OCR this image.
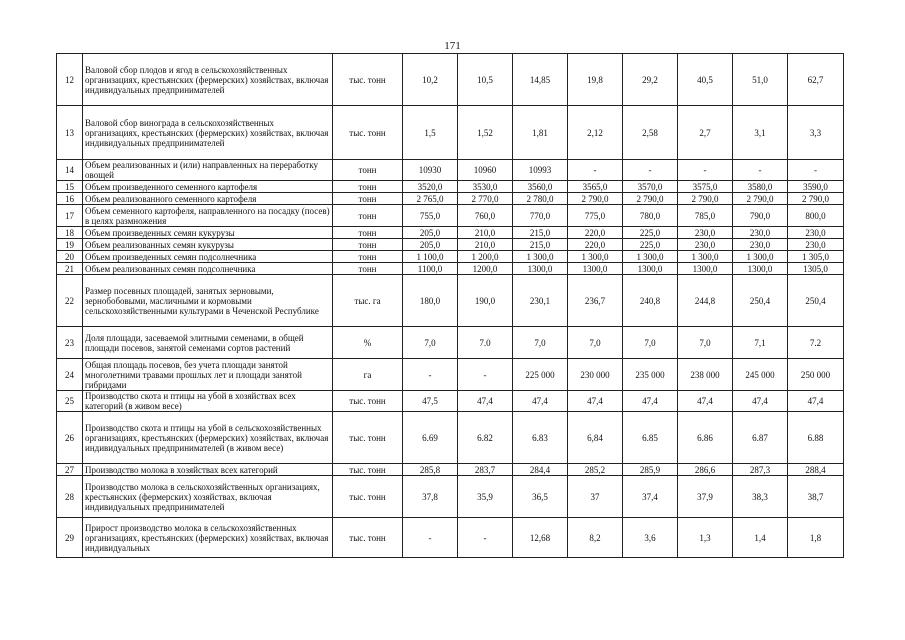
171
12	Валовой сбор плодов и ягод в сельскохозяйственных организациях, крестьянских (фермерских) хозяйствах, включая индивидуальных предпринимателей	тыс. тонн	10,2	10,5	14,85	19,8	29,2	40,5	51,0	62,7
13	Валовой сбор винограда в сельскохозяйственных организациях, крестьянских (фермерских) хозяйствах, включая индивидуальных предпринимателей	тыс. тонн	1,5	1,52	1,81	2,12	2,58	2,7	3,1	3,3
14	Объем реализованных и (или) направленных на переработку овощей	тонн	10930	10960	10993	-	-	-	-	-
15	Объем произведенного семенного картофеля	тонн	3520,0	3530,0	3560,0	3565,0	3570,0	3575,0	3580,0	3590,0
16	Объем реализованного семенного картофеля	тонн	2 765,0	2 770,0	2 780,0	2 790,0	2 790,0	2 790,0	2 790,0	2 790,0
17	Объем семенного картофеля, направленного на посадку (посев) в целях размножения	тонн	755,0	760,0	770,0	775,0	780,0	785,0	790,0	800,0
18	Объем произведенных семян кукурузы	тонн	205,0	210,0	215,0	220,0	225,0	230,0	230,0	230,0
19	Объем реализованных семян кукурузы	тонн	205,0	210,0	215,0	220,0	225,0	230,0	230,0	230,0
20	Объем произведенных семян подсолнечника	тонн	1 100,0	1 200,0	1 300,0	1 300,0	1 300,0	1 300,0	1 300,0	1 305,0
21	Объем реализованных семян подсолнечника	тонн	1100,0	1200,0	1300,0	1300,0	1300,0	1300,0	1300,0	1305,0
22	Размер посевных площадей, занятых зерновыми, зернобобовыми, масличными и кормовыми сельскохозяйственными культурами в Чеченской Республике	тыс. га	180,0	190,0	230,1	236,7	240,8	244,8	250,4	250,4
23	Доля площади, засеваемой элитными семенами, в общей площади посевов, занятой семенами сортов растений	%	7,0	7.0	7,0	7,0	7,0	7,0	7,1	7.2
24	Общая площадь посевов, без учета площади занятой многолетними травами прошлых лет и площади занятой гибридами	га	-	-	225 000	230 000	235 000	238 000	245 000	250 000
25	Производство скота и птицы на убой в хозяйствах всех категорий (в живом весе)	тыс. тонн	47,5	47,4	47,4	47,4	47,4	47,4	47,4	47,4
26	Производство скота и птицы на убой в сельскохозяйственных организациях, крестьянских (фермерских) хозяйствах, включая индивидуальных предпринимателей (в живом весе)	тыс. тонн	6.69	6.82	6.83	6,84	6.85	6.86	6.87	6.88
27	Производство молока в хозяйствах всех категорий	тыс. тонн	285,8	283,7	284,4	285,2	285,9	286,6	287,3	288,4
28	Производство молока в сельскохозяйственных организациях, крестьянских (фермерских) хозяйствах, включая индивидуальных предпринимателей	тыс. тонн	37,8	35,9	36,5	37	37,4	37,9	38,3	38,7
29	Прирост производство молока в сельскохозяйственных организациях, крестьянских (фермерских) хозяйствах, включая индивидуальных	тыс. тонн	-	-	12,68	8,2	3,6	1,3	1,4	1,8
